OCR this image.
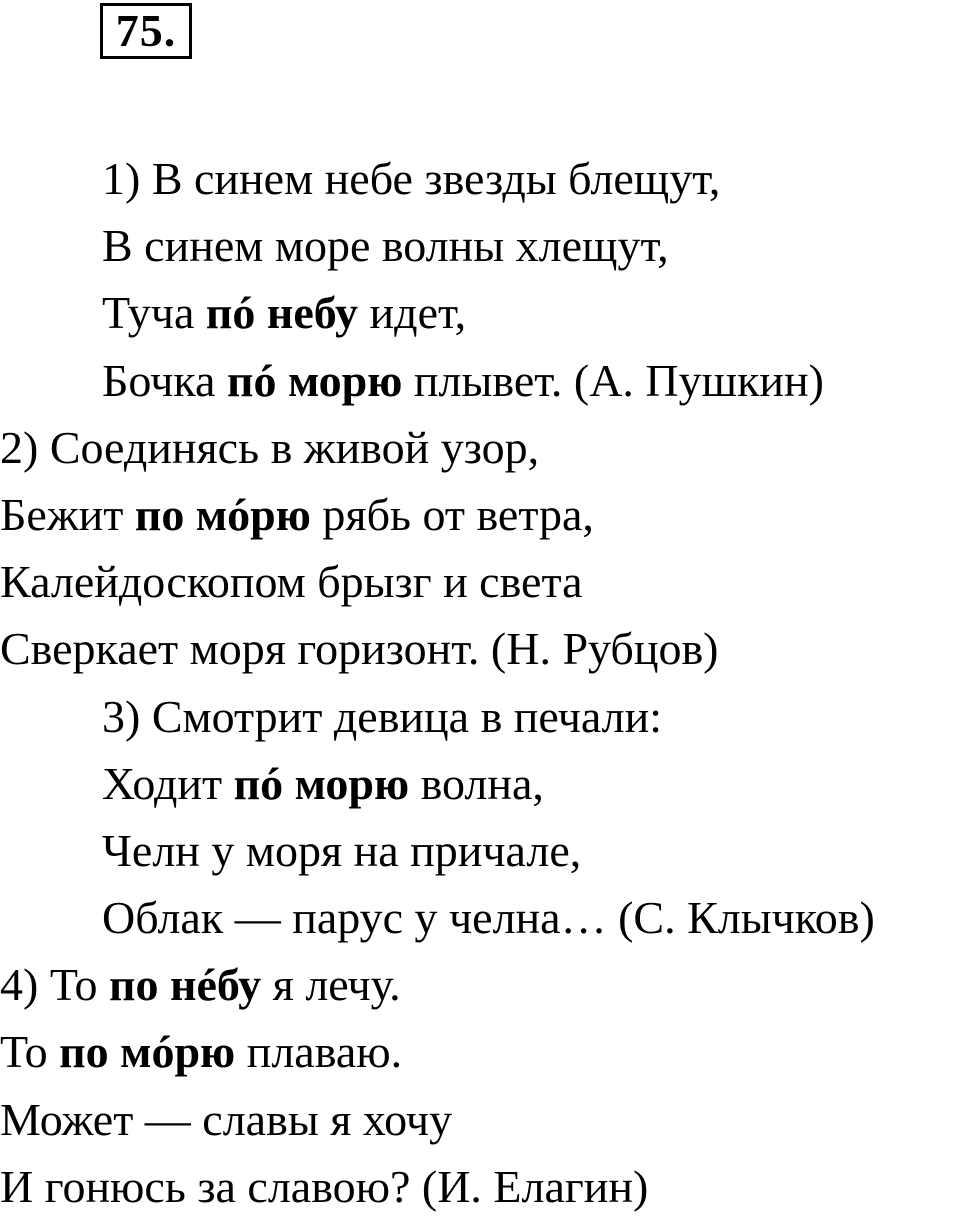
75.
1) В синем небе звезды блещут,
В синем море волны хлещут,
Туча пó небу идет,
Бочка пó морю плывет. (А. Пушкин)
2) Соединясь в живой узор,
Бежит по мóрю рябь от ветра,
Калейдоскопом брызг и света
Сверкает моря горизонт. (Н. Рубцов)
3) Смотрит девица в печали:
Ходит пó морю волна,
Челн у моря на причале,
Облак — парус у челна… (С. Клычков)
4) То по нéбу я лечу.
То по мóрю плаваю.
Может — славы я хочу
И гонюсь за славою? (И. Елагин)
